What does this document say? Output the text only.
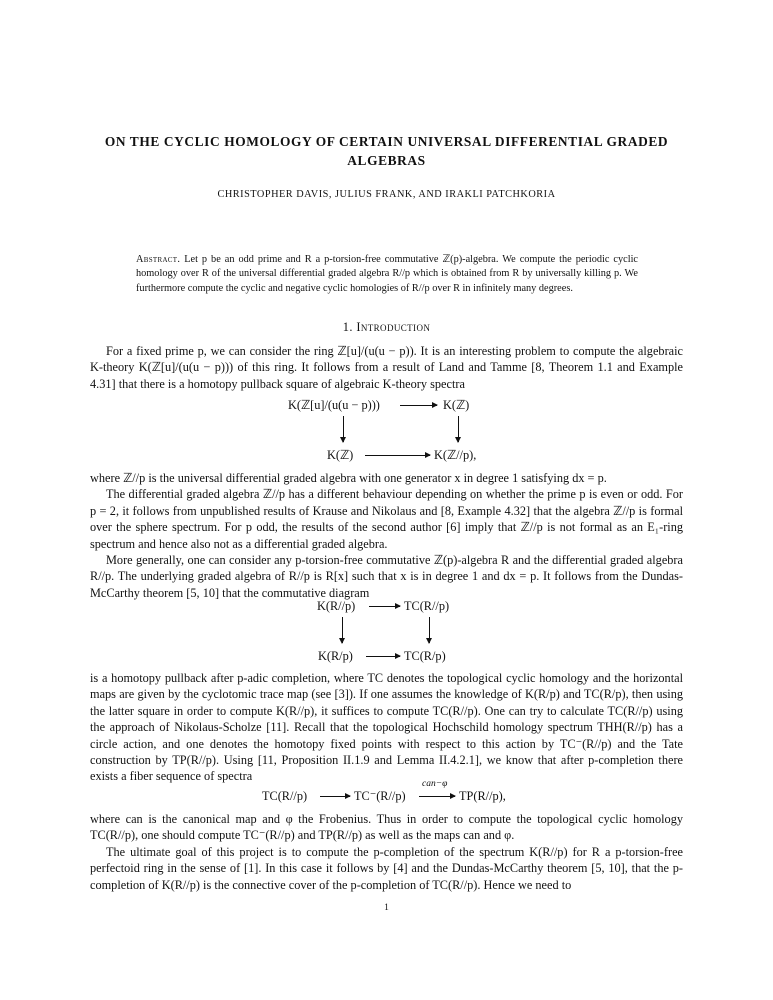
ON THE CYCLIC HOMOLOGY OF CERTAIN UNIVERSAL DIFFERENTIAL GRADED ALGEBRAS
CHRISTOPHER DAVIS, JULIUS FRANK, AND IRAKLI PATCHKORIA

Abstract. Let p be an odd prime and R a p-torsion-free commutative ℤ(p)-algebra. We compute the periodic cyclic homology over R of the universal differential graded algebra R//p which is obtained from R by universally killing p. We furthermore compute the cyclic and negative cyclic homologies of R//p over R in infinitely many degrees.

1. Introduction

For a fixed prime p, we can consider the ring ℤ[u]/(u(u − p)). It is an interesting problem to compute the algebraic K-theory K(ℤ[u]/(u(u − p))) of this ring. It follows from a result of Land and Tamme [8, Theorem 1.1 and Example 4.31] that there is a homotopy pullback square of algebraic K-theory spectra

K(ℤ[u]/(u(u − p)))	K(ℤ)
K(ℤ)	K(ℤ//p),

where ℤ//p is the universal differential graded algebra with one generator x in degree 1 satisfying dx = p.

The differential graded algebra ℤ//p has a different behaviour depending on whether the prime p is even or odd. For p = 2, it follows from unpublished results of Krause and Nikolaus and [8, Example 4.32] that the algebra ℤ//p is formal over the sphere spectrum. For p odd, the results of the second author [6] imply that ℤ//p is not formal as an E₁-ring spectrum and hence also not as a differential graded algebra.

More generally, one can consider any p-torsion-free commutative ℤ(p)-algebra R and the differential graded algebra R//p. The underlying graded algebra of R//p is R[x] such that x is in degree 1 and dx = p. It follows from the Dundas-McCarthy theorem [5, 10] that the commutative diagram

K(R//p)	TC(R//p)
K(R/p)	TC(R/p)

is a homotopy pullback after p-adic completion, where TC denotes the topological cyclic homology and the horizontal maps are given by the cyclotomic trace map (see [3]). If one assumes the knowledge of K(R/p) and TC(R/p), then using the latter square in order to compute K(R//p), it suffices to compute TC(R//p). One can try to calculate TC(R//p) using the approach of Nikolaus-Scholze [11]. Recall that the topological Hochschild homology spectrum THH(R//p) has a circle action, and one denotes the homotopy fixed points with respect to this action by TC⁻(R//p) and the Tate construction by TP(R//p). Using [11, Proposition II.1.9 and Lemma II.4.2.1], we know that after p-completion there exists a fiber sequence of spectra

TC(R//p)	TC⁻(R//p)
can−φ
TP(R//p),

where can is the canonical map and φ the Frobenius. Thus in order to compute the topological cyclic homology TC(R//p), one should compute TC⁻(R//p) and TP(R//p) as well as the maps can and φ.

The ultimate goal of this project is to compute the p-completion of the spectrum K(R//p) for R a p-torsion-free perfectoid ring in the sense of [1]. In this case it follows by [4] and the Dundas-McCarthy theorem [5, 10], that the p-completion of K(R//p) is the connective cover of the p-completion of TC(R//p). Hence we need to

1
